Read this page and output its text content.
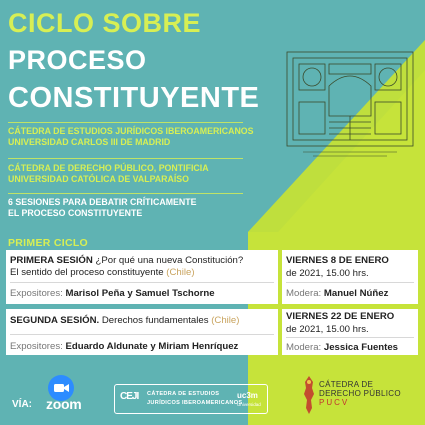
CICLO SOBRE
PROCESO
CONSTITUYENTE
CÁTEDRA DE ESTUDIOS JURÍDICOS IBEROAMERICANOS
UNIVERSIDAD CARLOS III DE MADRID
CÁTEDRA DE DERECHO PÚBLICO, PONTIFICIA
UNIVERSIDAD CATÓLICA DE VALPARAÍSO
6 SESIONES PARA DEBATIR CRÍTICAMENTE
EL PROCESO CONSTITUYENTE
PRIMER CICLO
PRIMERA SESIÓN ¿Por qué una nueva Constitución?
El sentido del proceso constituyente (Chile)
Expositores: Marisol Peña y Samuel Tschorne
VIERNES 8 DE ENERO
de 2021, 15.00 hrs.
Modera: Manuel Núñez
SEGUNDA SESIÓN. Derechos fundamentales (Chile)
Expositores: Eduardo Aldunate y Miriam Henríquez
VIERNES 22 DE ENERO
de 2021, 15.00 hrs.
Modera: Jessica Fuentes
VÍA: zoom	CEJI CÁTEDRA DE ESTUDIOS
JURÍDICOS IBEROAMERICANOS
uc3m
Universidad
CÁTEDRA DE
DERECHO PÚBLICO
PUCV
